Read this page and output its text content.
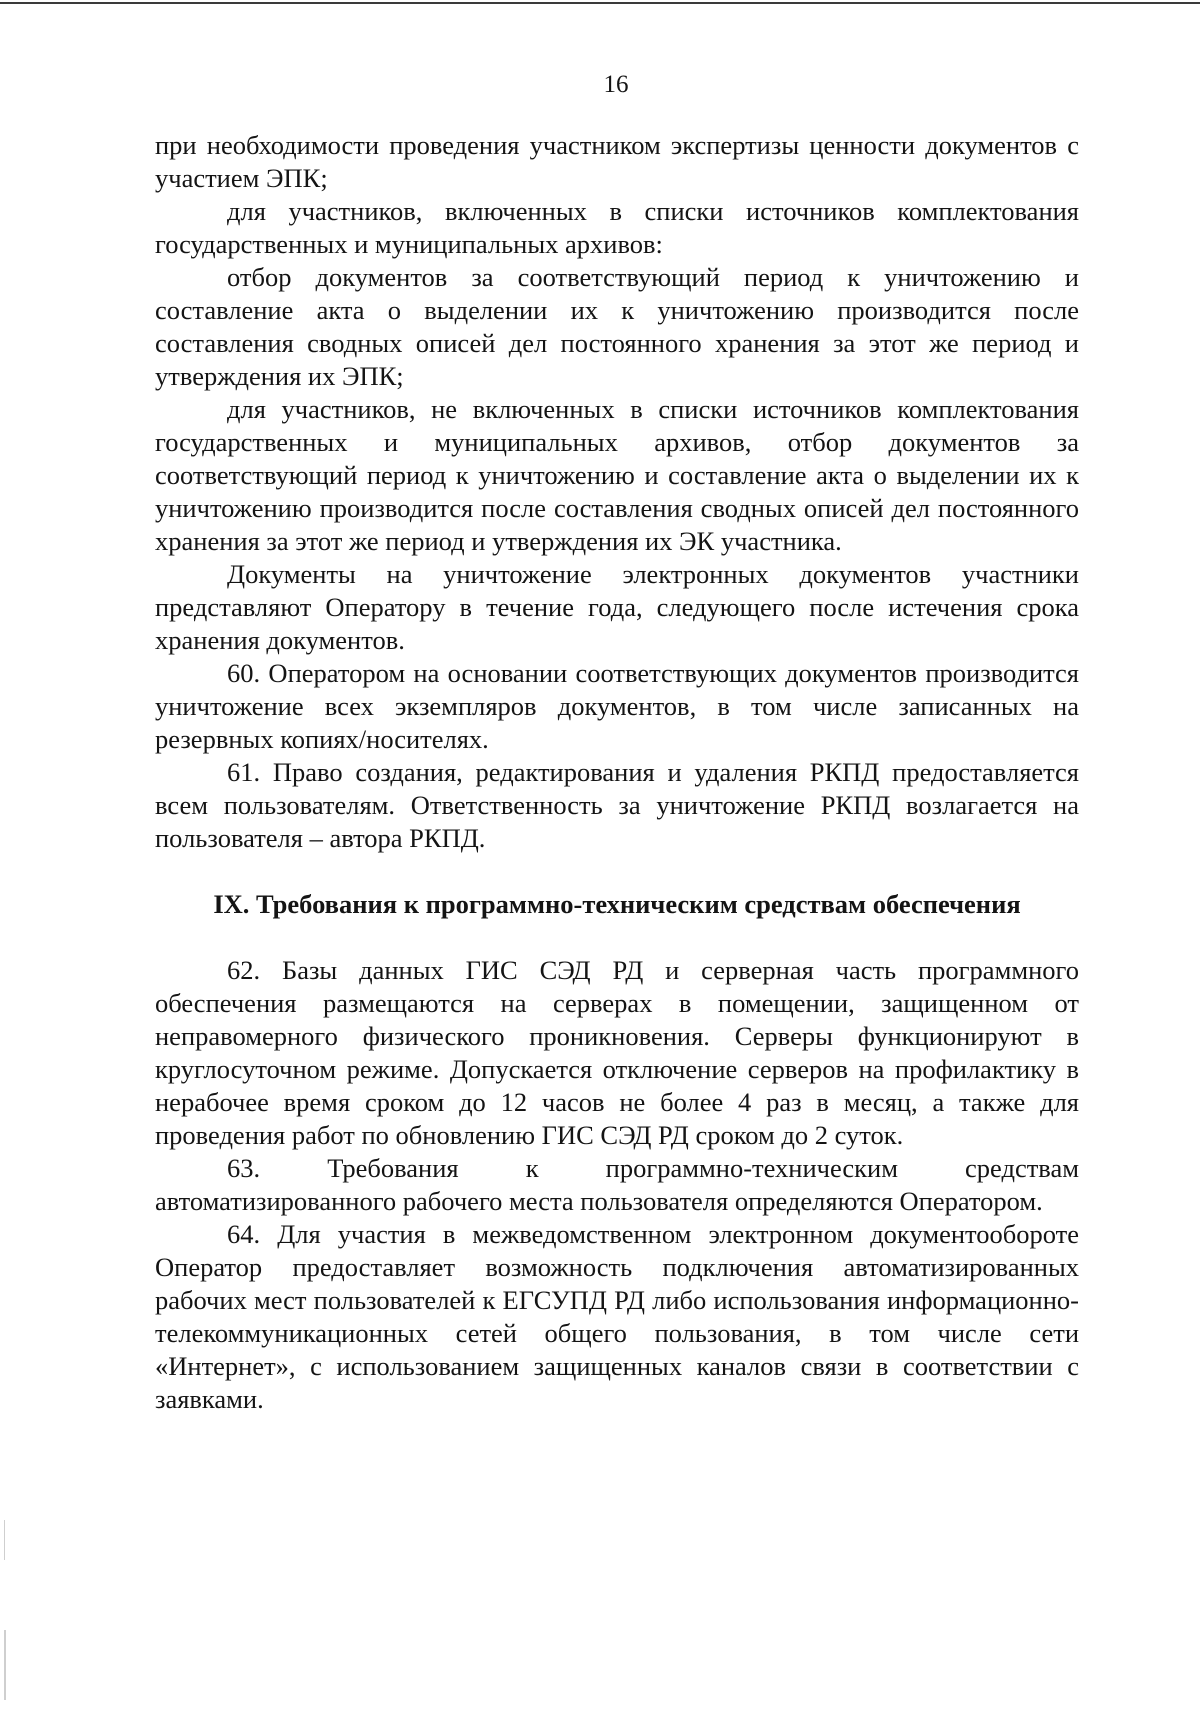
16

при необходимости проведения участником экспертизы ценности документов с участием ЭПК;

для участников, включенных в списки источников комплектования государственных и муниципальных архивов:

отбор документов за соответствующий период к уничтожению и составление акта о выделении их к уничтожению производится после составления сводных описей дел постоянного хранения за этот же период и утверждения их ЭПК;

для участников, не включенных в списки источников комплектования государственных и муниципальных архивов, отбор документов за соответствующий период к уничтожению и составление акта о выделении их к уничтожению производится после составления сводных описей дел постоянного хранения за этот же период и утверждения их ЭК участника.

Документы на уничтожение электронных документов участники представляют Оператору в течение года, следующего после истечения срока хранения документов.

60. Оператором на основании соответствующих документов производится уничтожение всех экземпляров документов, в том числе записанных на резервных копиях/носителях.

61. Право создания, редактирования и удаления РКПД предоставляется всем пользователям. Ответственность за уничтожение РКПД возлагается на пользователя – автора РКПД.

IX. Требования к программно-техническим средствам обеспечения

62. Базы данных ГИС СЭД РД и серверная часть программного обеспечения размещаются на серверах в помещении, защищенном от неправомерного физического проникновения. Серверы функционируют в круглосуточном режиме. Допускается отключение серверов на профилактику в нерабочее время сроком до 12 часов не более 4 раз в месяц, а также для проведения работ по обновлению ГИС СЭД РД сроком до 2 суток.

63. Требования к программно-техническим средствам автоматизированного рабочего места пользователя определяются Оператором.

64. Для участия в межведомственном электронном документообороте Оператор предоставляет возможность подключения автоматизированных рабочих мест пользователей к ЕГСУПД РД либо использования информационно-телекоммуникационных сетей общего пользования, в том числе сети «Интернет», с использованием защищенных каналов связи в соответствии с заявками.
